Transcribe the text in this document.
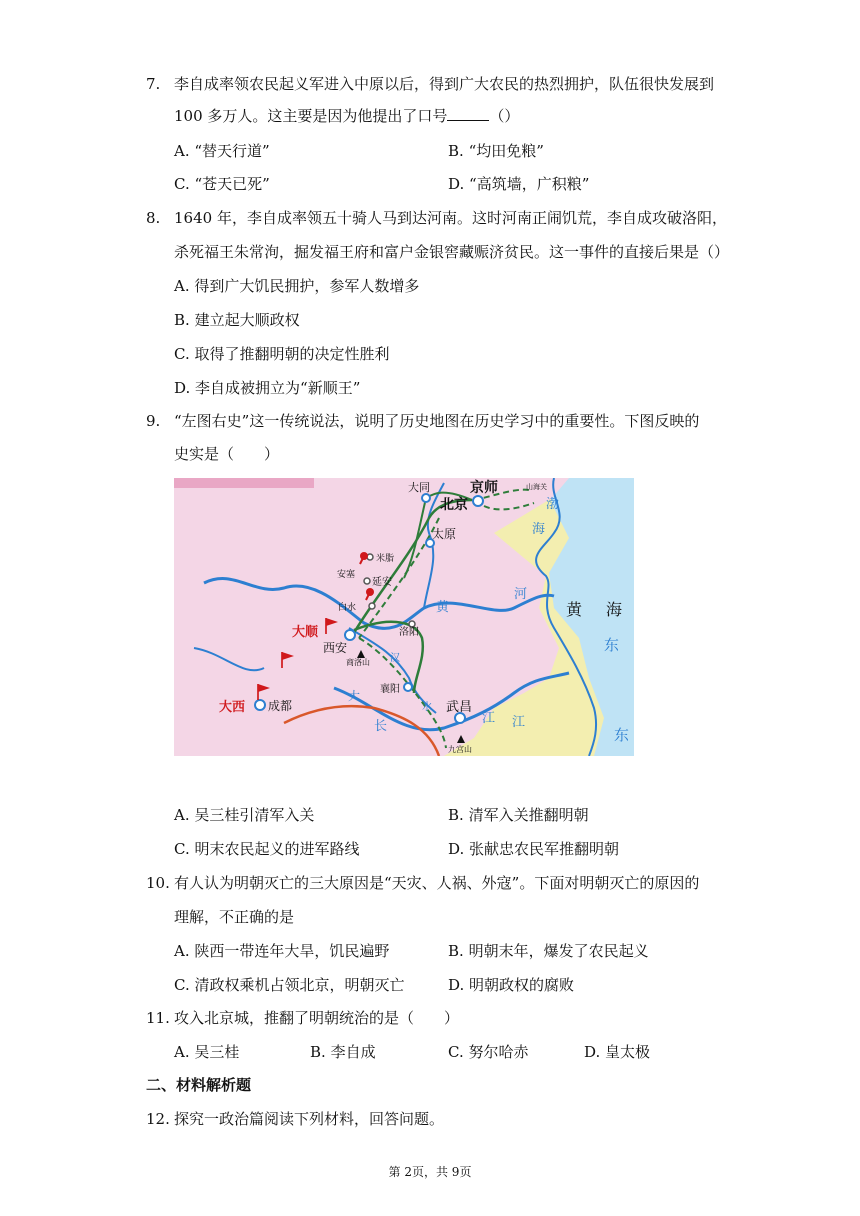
7. 李自成率领农民起义军进入中原以后，得到广大农民的热烈拥护，队伍很快发展到
100 多万人。这主要是因为他提出了口号	（）
A. “替天行道”	B. “均田免粮”
C. “苍天已死”	D. “高筑墙，广积粮”
8. 1640 年，李自成率领五十骑人马到达河南。这时河南正闹饥荒，李自成攻破洛阳，
杀死福王朱常洵，掘发福王府和富户金银窖藏赈济贫民。这一事件的直接后果是（）
A. 得到广大饥民拥护，参军人数增多
B. 建立起大顺政权
C. 取得了推翻明朝的决定性胜利
D. 李自成被拥立为“新顺王”
9. “左图右史”这一传统说法，说明了历史地图在历史学习中的重要性。下图反映的
史实是（　　）
大同
北京
京师	山海关
渤
海
太原
米脂
安塞
延安
白水	黄
河
黄 海
东
大顺	洛阳
西安
商洛山 汉
襄阳
水
大
大西 成都	武昌
长
江 江
东
九宫山
A. 吴三桂引清军入关	B. 清军入关推翻明朝
C. 明末农民起义的进军路线	D. 张献忠农民军推翻明朝
10. 有人认为明朝灭亡的三大原因是“天灾、人祸、外寇”。下面对明朝灭亡的原因的
理解，不正确的是
A. 陕西一带连年大旱，饥民遍野	B. 明朝末年，爆发了农民起义
C. 清政权乘机占领北京，明朝灭亡	D. 明朝政权的腐败
11. 攻入北京城，推翻了明朝统治的是（　　）
A. 吴三桂	B. 李自成	C. 努尔哈赤	D. 皇太极
二、材料解析题
12. 探究一政治篇阅读下列材料，回答问题。
第 2页，共 9页
